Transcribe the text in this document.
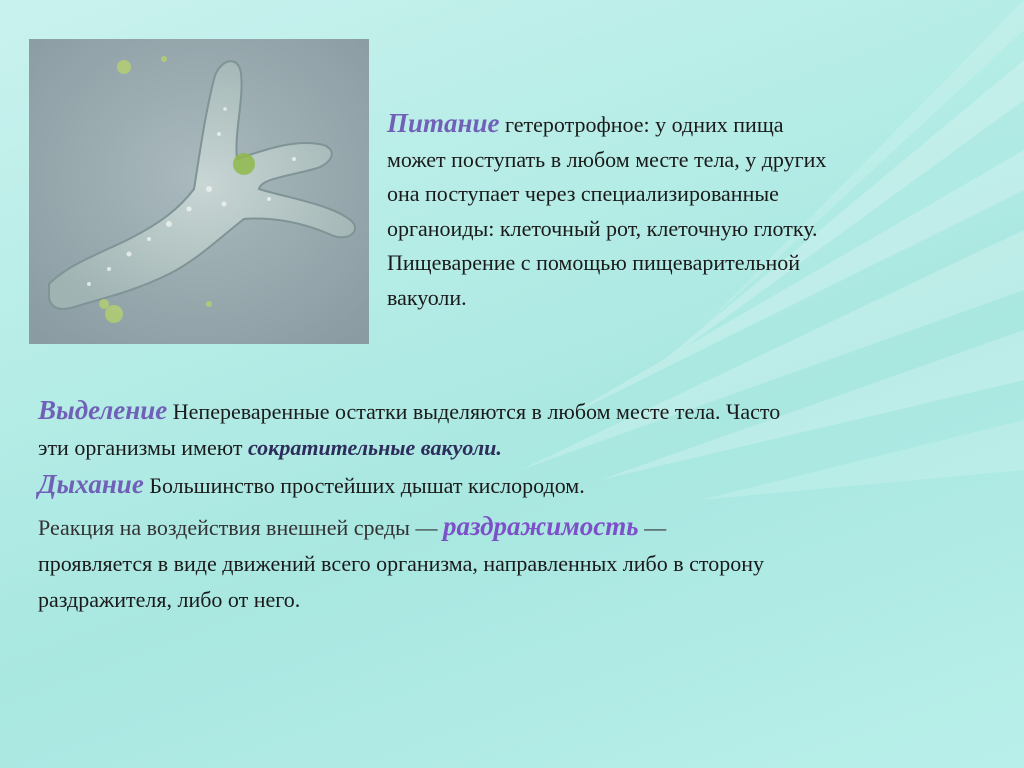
Питание гетеротрофное: у одних пища
может поступать в любом месте тела, у других
она поступает через специализированные
органоиды: клеточный рот, клеточную глотку.
Пищеварение с помощью пищеварительной
вакуоли.
Выделение Непереваренные остатки выделяются в любом месте тела. Часто
эти организмы имеют сократительные вакуоли.
Дыхание Большинство простейших дышат кислородом.
Реакция на воздействия внешней среды — раздражимость —
проявляется в виде движений всего организма, направленных либо в сторону
раздражителя, либо от него.
